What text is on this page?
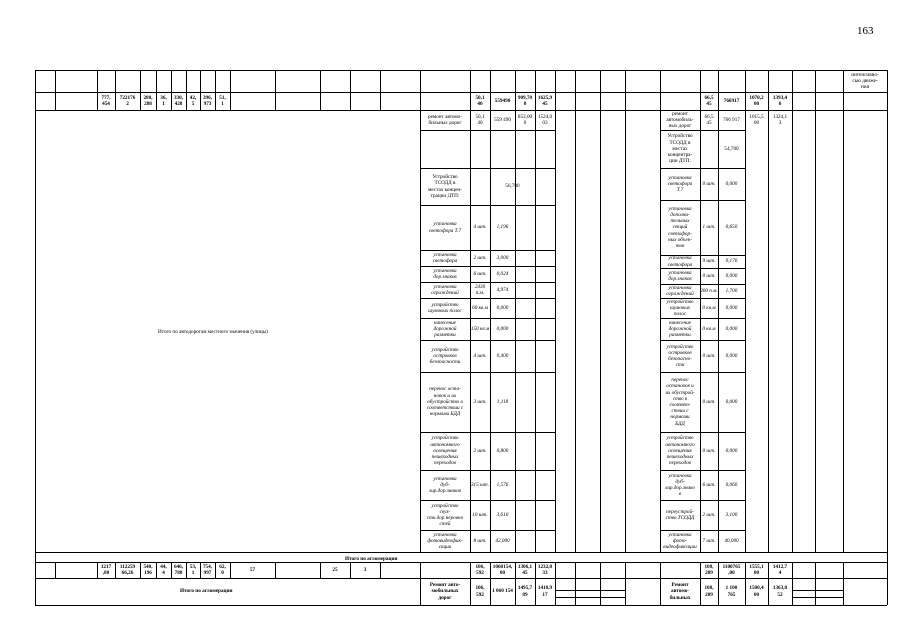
163
интенсивно-
сью движе-
ния
Итого по автодорогам местного значения (улицы)
Итого по агломерации
Итого по агломерации
777,
454
722176
2
280,
288
36,
1
330,
428
42,
5
396,
973
51,
1
50,1
40
559490
909,70
0
1625,9
45
66,5
45
766917
1070,2
00
1393,4
6
ремонт автомо-
бильных дорог
50,1
40
559 490
853,00
0
1524,0
03
Устройство
ТСОДД в
местах концен-
трации ДТП:
56,700
установка
светофора Т.7
4 шт. 1,196
установка
светофора
2 шт. 3,000
установка
дор.знаков
6 шт. 0,024
установка
ограждений
2430 п.м.
4,974
устройство
шумовых полос
60 кв.м 0,000
нанесение
дорожной
разметки
150 кв.м 0,000
устройство
островков
безопасности
4 шт. 0,400
перенос оста-
новок и их
обустройство в
соответствии с
нормами БДД
3 шт. 1,118
устройство
автономного
освещения
пешеходных
переходов
2 шт. 0,800
установка
дуб-
лир.дор.знаков
315 шт. 1,576
устройство
свух-
стк.дор.неровно
стей
10 шт. 3,610
установка
фотовидеофик-
сации
8 шт. 42,000
ремонт
автомобиль-
ных дорог
66,5
45
766 917
1015,5
00
1324,1
3
Устройство
ТСОДД в
местах
концентра-
ции ДТП:
54,700
установка
светофора
Т.7
0 шт. 0,000
установка
дополни-
тельных
секций
светофор-
ных объек-
тов
1 шт. 0,650
установка
светофора
9 шт. 9,170
установка
дор.знаков
0 шт. 0,000
установка
ограждений
200 п.м. 1,700
устройство
шумовых
полос
0 кв.м 0,000
нанесение
дорожной
разметки
0 кв.м 0,000
устройство
островков
безопасно-
сти
0 шт. 0,000
перенос
остановок и
их обустрой-
ство в
соответ-
ствии с
нормами
БДД
0 шт. 0,000
устройство
автономного
освещения
пешеходных
переходов
0 шт. 0,000
установка
дуб-
лир.дор.знако
в
6 шт. 0,060
переустрой-
ство ТСОДД
2 шт. 3,100
установка
фото-
видеофиксации
7 шт. 40,000
1217
,80
112259
66,26
540,
196
44,
4
646,
788
53,
1
754,
997
62,
0
57	25	3
106,
592
1060154,
00
1306,1
45
1232,0
33
108,
209
1100765
,00
1555,1
00
1412,7
4
Ремонт авто-
мобильных
дорог
106,
592
1 060 154
1495,7
89
1410,9
17
Ремонт
автомо-
бильных
108,
209
1 100
765
1500,4
00
1363,0
52
